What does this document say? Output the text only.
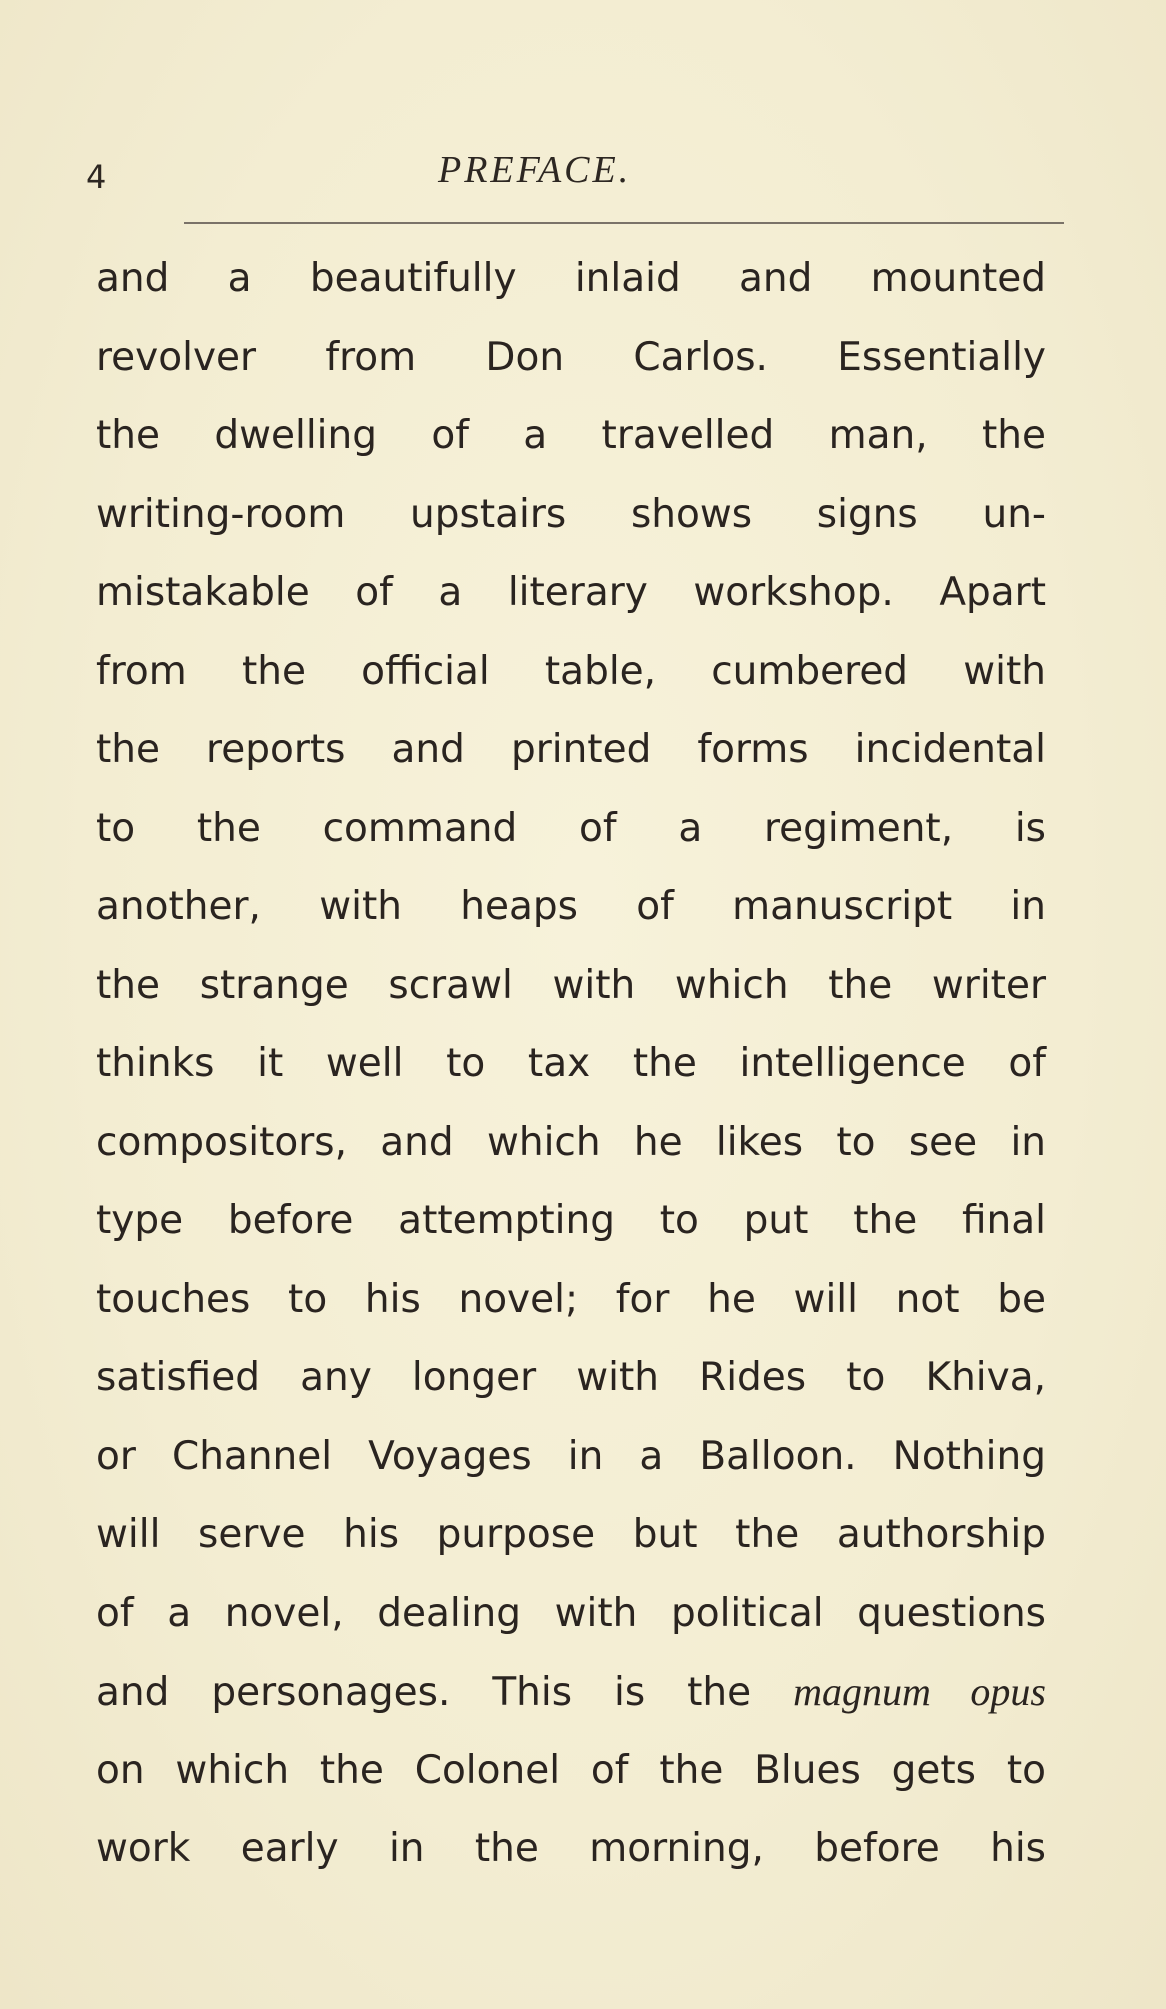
4	PREFACE.
and a beautifully inlaid and mounted
revolver from Don Carlos. Essentially
the dwelling of a travelled man, the
writing-room upstairs shows signs un-
mistakable of a literary workshop. Apart
from the official table, cumbered with
the reports and printed forms incidental
to the command of a regiment, is
another, with heaps of manuscript in
the strange scrawl with which the writer
thinks it well to tax the intelligence of
compositors, and which he likes to see in
type before attempting to put the final
touches to his novel; for he will not be
satisfied any longer with Rides to Khiva,
or Channel Voyages in a Balloon. Nothing
will serve his purpose but the authorship
of a novel, dealing with political questions
and personages. This is the magnum opus
on which the Colonel of the Blues gets to
work early in the morning, before his
